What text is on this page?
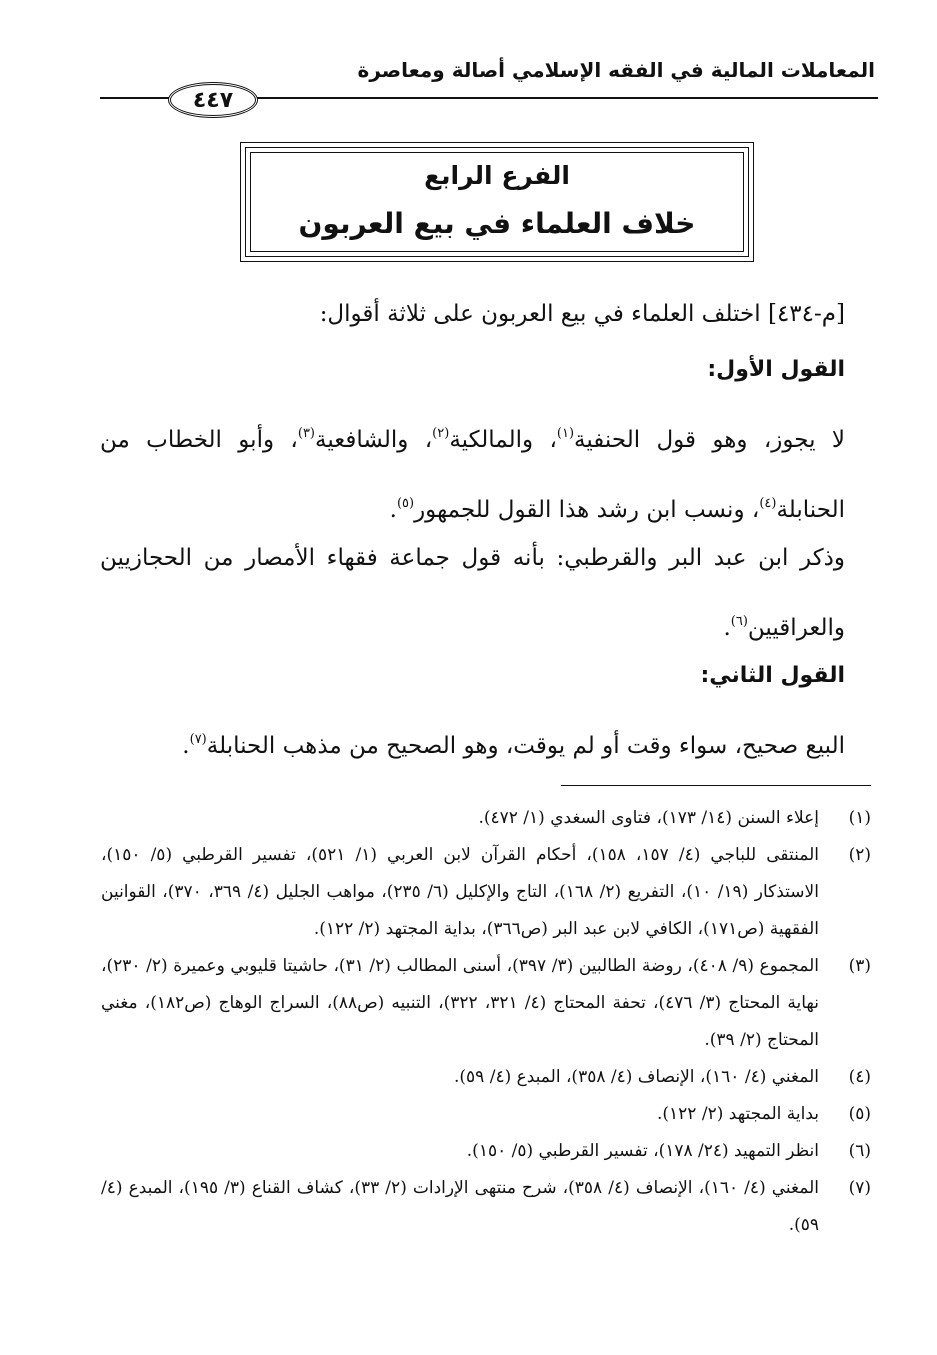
المعاملات المالية في الفقه الإسلامي أصالة ومعاصرة
٤٤٧
الفرع الرابع
خلاف العلماء في بيع العربون
[م-٤٣٤] اختلف العلماء في بيع العربون على ثلاثة أقوال:
القول الأول:
لا يجوز، وهو قول الحنفية$^{(١)}$، والمالكية$^{(٢)}$، والشافعية$^{(٣)}$، وأبو الخطاب من الحنابلة$^{(٤)}$، ونسب ابن رشد هذا القول للجمهور$^{(٥)}$.
وذكر ابن عبد البر والقرطبي: بأنه قول جماعة فقهاء الأمصار من الحجازيين والعراقيين$^{(٦)}$.
القول الثاني:
البيع صحيح، سواء وقت أو لم يوقت، وهو الصحيح من مذهب الحنابلة$^{(٧)}$.
(١)
إعلاء السنن (١٤/ ١٧٣)، فتاوى السغدي (١/ ٤٧٢).
(٢)
المنتقى للباجي (٤/ ١٥٧، ١٥٨)، أحكام القرآن لابن العربي (١/ ٥٢١)، تفسير القرطبي (٥/ ١٥٠)، الاستذكار (١٩/ ١٠)، التفريع (٢/ ١٦٨)، التاج والإكليل (٦/ ٢٣٥)، مواهب الجليل (٤/ ٣٦٩، ٣٧٠)، القوانين الفقهية (ص١٧١)، الكافي لابن عبد البر (ص٣٦٦)، بداية المجتهد (٢/ ١٢٢).
(٣)
المجموع (٩/ ٤٠٨)، روضة الطالبين (٣/ ٣٩٧)، أسنى المطالب (٢/ ٣١)، حاشيتا قليوبي وعميرة (٢/ ٢٣٠)، نهاية المحتاج (٣/ ٤٧٦)، تحفة المحتاج (٤/ ٣٢١، ٣٢٢)، التنبيه (ص٨٨)، السراج الوهاج (ص١٨٢)، مغني المحتاج (٢/ ٣٩).
(٤)
المغني (٤/ ١٦٠)، الإنصاف (٤/ ٣٥٨)، المبدع (٤/ ٥٩).
(٥)
بداية المجتهد (٢/ ١٢٢).
(٦)
انظر التمهيد (٢٤/ ١٧٨)، تفسير القرطبي (٥/ ١٥٠).
(٧)
المغني (٤/ ١٦٠)، الإنصاف (٤/ ٣٥٨)، شرح منتهى الإرادات (٢/ ٣٣)، كشاف القناع (٣/ ١٩٥)، المبدع (٤/ ٥٩).
